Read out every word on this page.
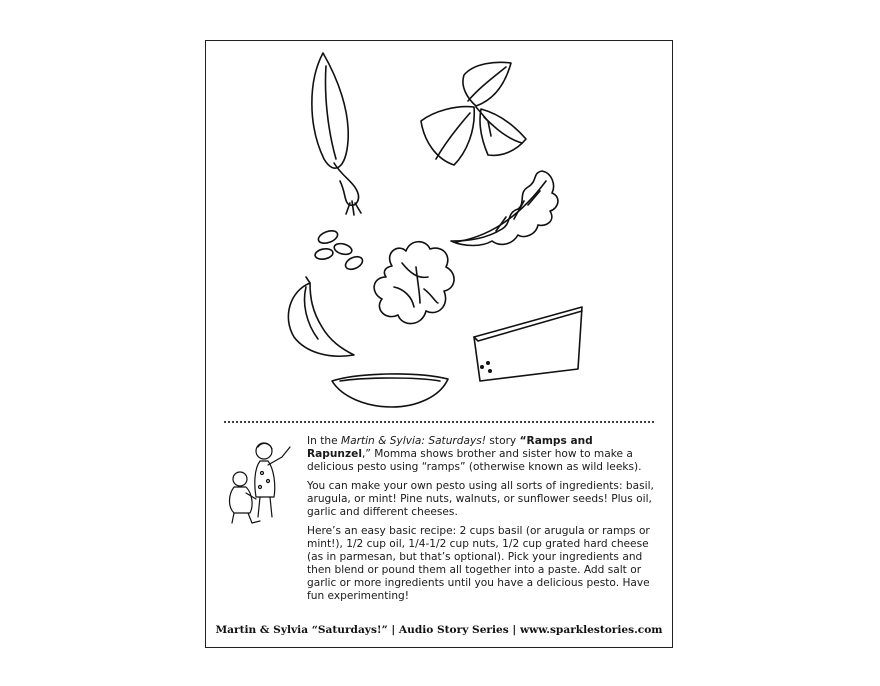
In the Martin & Sylvia: Saturdays! story “Ramps and Rapunzel,” Momma shows brother and sister how to make a delicious pesto using “ramps” (otherwise known as wild leeks).

You can make your own pesto using all sorts of ingredients: basil, arugula, or mint! Pine nuts, walnuts, or sunflower seeds! Plus oil, garlic and different cheeses.

Here’s an easy basic recipe: 2 cups basil (or arugula or ramps or mint!), 1/2 cup oil, 1/4-1/2 cup nuts, 1/2 cup grated hard cheese (as in parmesan, but that’s optional). Pick your ingredients and then blend or pound them all together into a paste. Add salt or garlic or more ingredients until you have a delicious pesto. Have fun experimenting!

Martin & Sylvia “Saturdays!” | Audio Story Series | www.sparklestories.com
